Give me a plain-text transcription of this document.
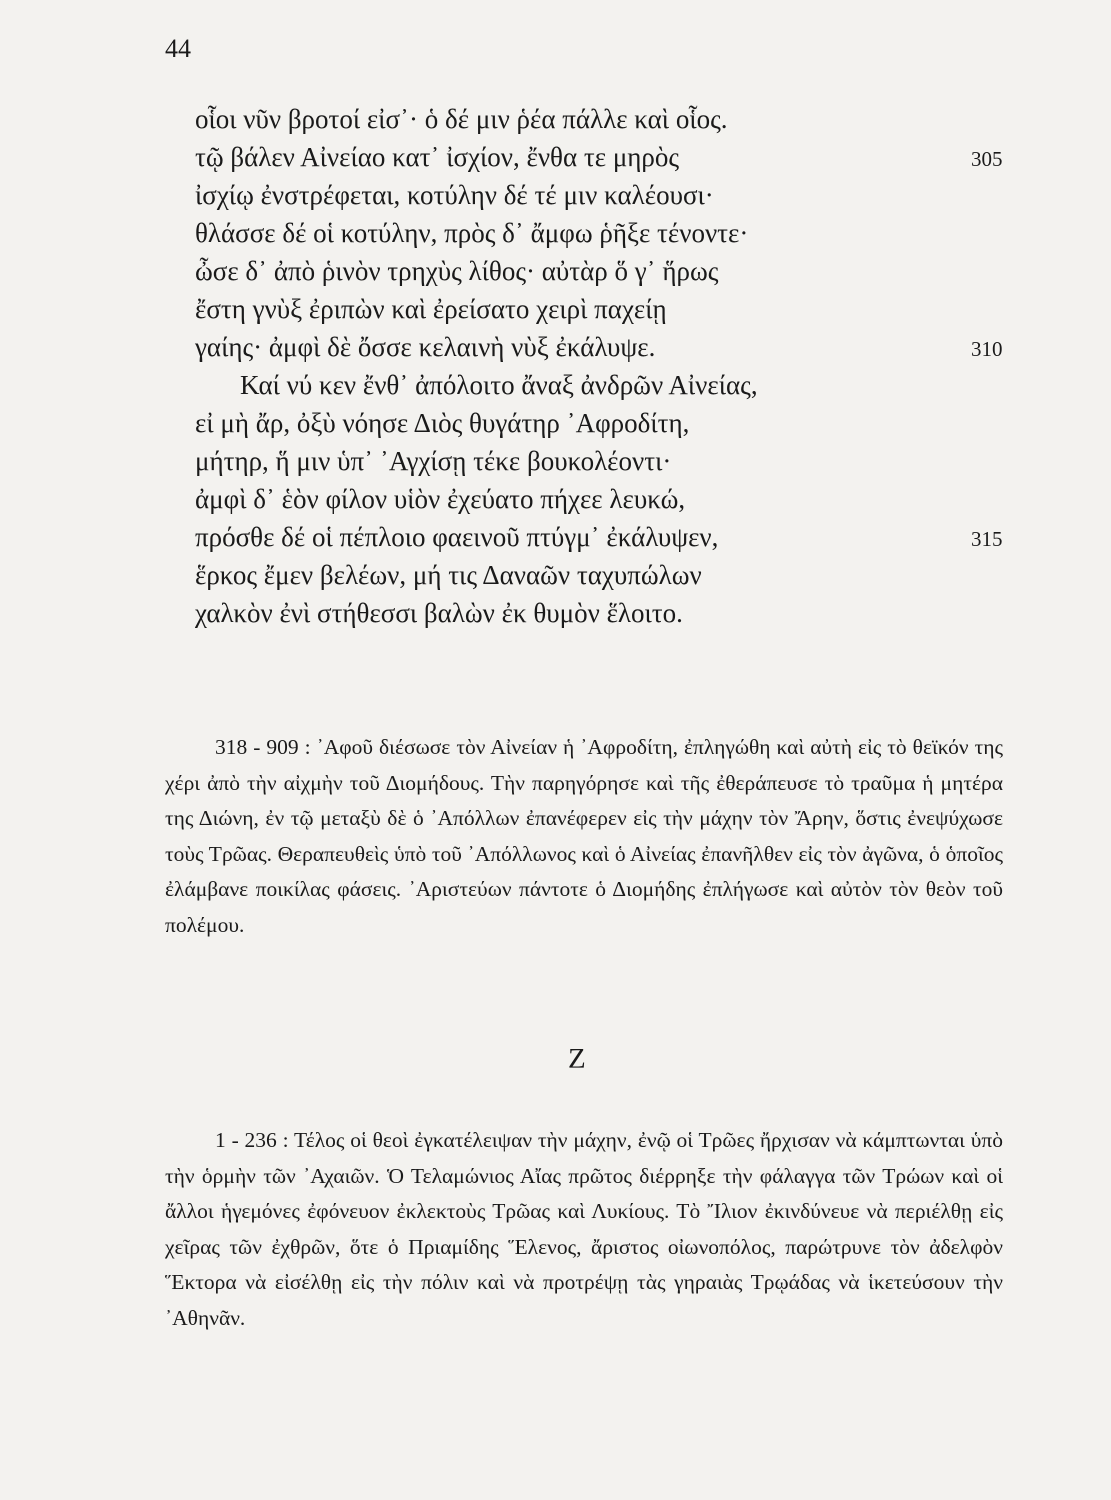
44
οἷοι νῦν βροτοί εἰσ᾽· ὁ δέ μιν ῥέα πάλλε καὶ οἷος.
τῷ βάλεν Αἰνείαο κατ᾽ ἰσχίον, ἔνθα τε μηρὸς	305
ἰσχίῳ ἐνστρέφεται, κοτύλην δέ τέ μιν καλέουσι·
θλάσσε δέ οἱ κοτύλην, πρὸς δ᾽ ἄμφω ῥῆξε τένοντε·
ὦσε δ᾽ ἀπὸ ῥινὸν τρηχὺς λίθος· αὐτὰρ ὅ γ᾽ ἥρως
ἔστη γνὺξ ἐριπὼν καὶ ἐρείσατο χειρὶ παχείῃ
γαίης· ἀμφὶ δὲ ὄσσε κελαινὴ νὺξ ἐκάλυψε.	310
Καί νύ κεν ἔνθ᾽ ἀπόλοιτο ἄναξ ἀνδρῶν Αἰνείας,
εἰ μὴ ἄρ, ὀξὺ νόησε Διὸς θυγάτηρ ᾿Αφροδίτη,
μήτηρ, ἥ μιν ὑπ᾽ ᾿Αγχίσῃ τέκε βουκολέοντι·
ἀμφὶ δ᾽ ἑὸν φίλον υἱὸν ἐχεύατο πήχεε λευκώ,
πρόσθε δέ οἱ πέπλοιο φαεινοῦ πτύγμ᾽ ἐκάλυψεν,	315
ἕρκος ἔμεν βελέων, μή τις Δαναῶν ταχυπώλων
χαλκὸν ἐνὶ στήθεσσι βαλὼν ἐκ θυμὸν ἕλοιτο.

318 - 909 : ᾿Αφοῦ διέσωσε τὸν Αἰνείαν ἡ ᾿Αφροδίτη, ἐπληγώθη καὶ αὐτὴ εἰς τὸ θεϊκόν της χέρι ἀπὸ τὴν αἰχμὴν τοῦ Διομήδους. Τὴν παρηγόρησε καὶ τῆς ἐθεράπευσε τὸ τραῦμα ἡ μητέρα της Διώνη, ἐν τῷ μεταξὺ δὲ ὁ ᾿Απόλλων ἐπανέφερεν εἰς τὴν μάχην τὸν Ἄρην, ὅστις ἐνεψύχωσε τοὺς Τρῶας. Θεραπευθεὶς ὑπὸ τοῦ ᾿Απόλλωνος καὶ ὁ Αἰνείας ἐπανῆλθεν εἰς τὸν ἀγῶνα, ὁ ὁποῖος ἐλάμβανε ποικίλας φάσεις. ᾿Αριστεύων πάντοτε ὁ Διομήδης ἐπλήγωσε καὶ αὐτὸν τὸν θεὸν τοῦ πολέμου.

Ζ

1 - 236 : Τέλος οἱ θεοὶ ἐγκατέλειψαν τὴν μάχην, ἐνῷ οἱ Τρῶες ἤρχισαν νὰ κάμπτωνται ὑπὸ τὴν ὁρμὴν τῶν ᾿Αχαιῶν. Ὁ Τελαμώνιος Αἴας πρῶτος διέρρηξε τὴν φάλαγγα τῶν Τρώων καὶ οἱ ἄλλοι ἡγεμόνες ἐφόνευον ἐκλεκτοὺς Τρῶας καὶ Λυκίους. Τὸ Ἴλιον ἐκινδύνευε νὰ περιέλθῃ εἰς χεῖρας τῶν ἐχθρῶν, ὅτε ὁ Πριαμίδης Ἕλενος, ἄριστος οἰωνοπόλος, παρώτρυνε τὸν ἀδελφὸν Ἕκτορα νὰ εἰσέλθῃ εἰς τὴν πόλιν καὶ νὰ προτρέψῃ τὰς γηραιὰς Τρῳάδας νὰ ἱκετεύσουν τὴν ᾿Αθηνᾶν.
